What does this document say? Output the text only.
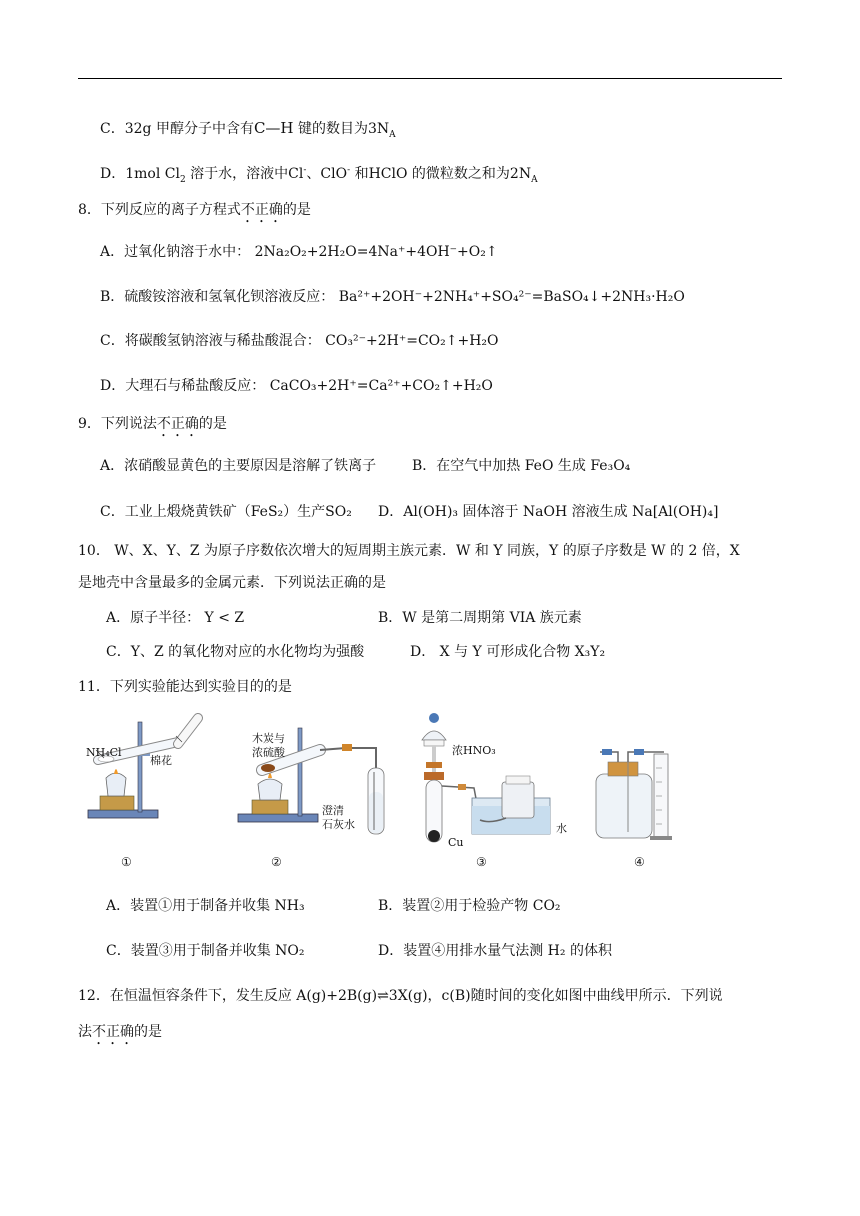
C．32g 甲醇分子中含有C—H 键的数目为$3N_A$
D．1mol $Cl_2$ 溶于水，溶液中Cl-、ClO- 和HClO 的微粒数之和为$2N_A$
8．下列反应的离子方程式不正确的是
A．过氧化钠溶于水中： 2Na₂O₂+2H₂O=4Na⁺+4OH⁻+O₂↑
B．硫酸铵溶液和氢氧化钡溶液反应： Ba²⁺+2OH⁻+2NH₄⁺+SO₄²⁻=BaSO₄↓+2NH₃·H₂O
C．将碳酸氢钠溶液与稀盐酸混合： CO₃²⁻+2H⁺=CO₂↑+H₂O
D．大理石与稀盐酸反应： CaCO₃+2H⁺=Ca²⁺+CO₂↑+H₂O
9．下列说法不正确的是
A．浓硝酸显黄色的主要原因是溶解了铁离子	B．在空气中加热 FeO 生成 Fe₃O₄
C．工业上煅烧黄铁矿（FeS₂）生产SO₂ D．Al(OH)₃ 固体溶于 NaOH 溶液生成 Na[Al(OH)₄]
10． W、X、Y、Z 为原子序数依次增大的短周期主族元素．W 和 Y 同族，Y 的原子序数是 W 的 2 倍，X
是地壳中含量最多的金属元素．下列说法正确的是
A．原子半径： Y < Z	B．W 是第二周期第 VIA 族元素
C．Y、Z 的氧化物对应的水化物均为强酸	D． X 与 Y 可形成化合物 X₃Y₂
11．下列实验能达到实验目的的是
NH₄Cl
棉花
木炭与
浓硫酸
澄清
石灰水
浓HNO₃
Cu
水
①	②	③	④
A．装置①用于制备并收集 NH₃	B．装置②用于检验产物 CO₂
C．装置③用于制备并收集 NO₂	D．装置④用排水量气法测 H₂ 的体积
12．在恒温恒容条件下，发生反应 A(g)+2B(g)⇌3X(g)，c(B)随时间的变化如图中曲线甲所示．下列说
法不正确的是
